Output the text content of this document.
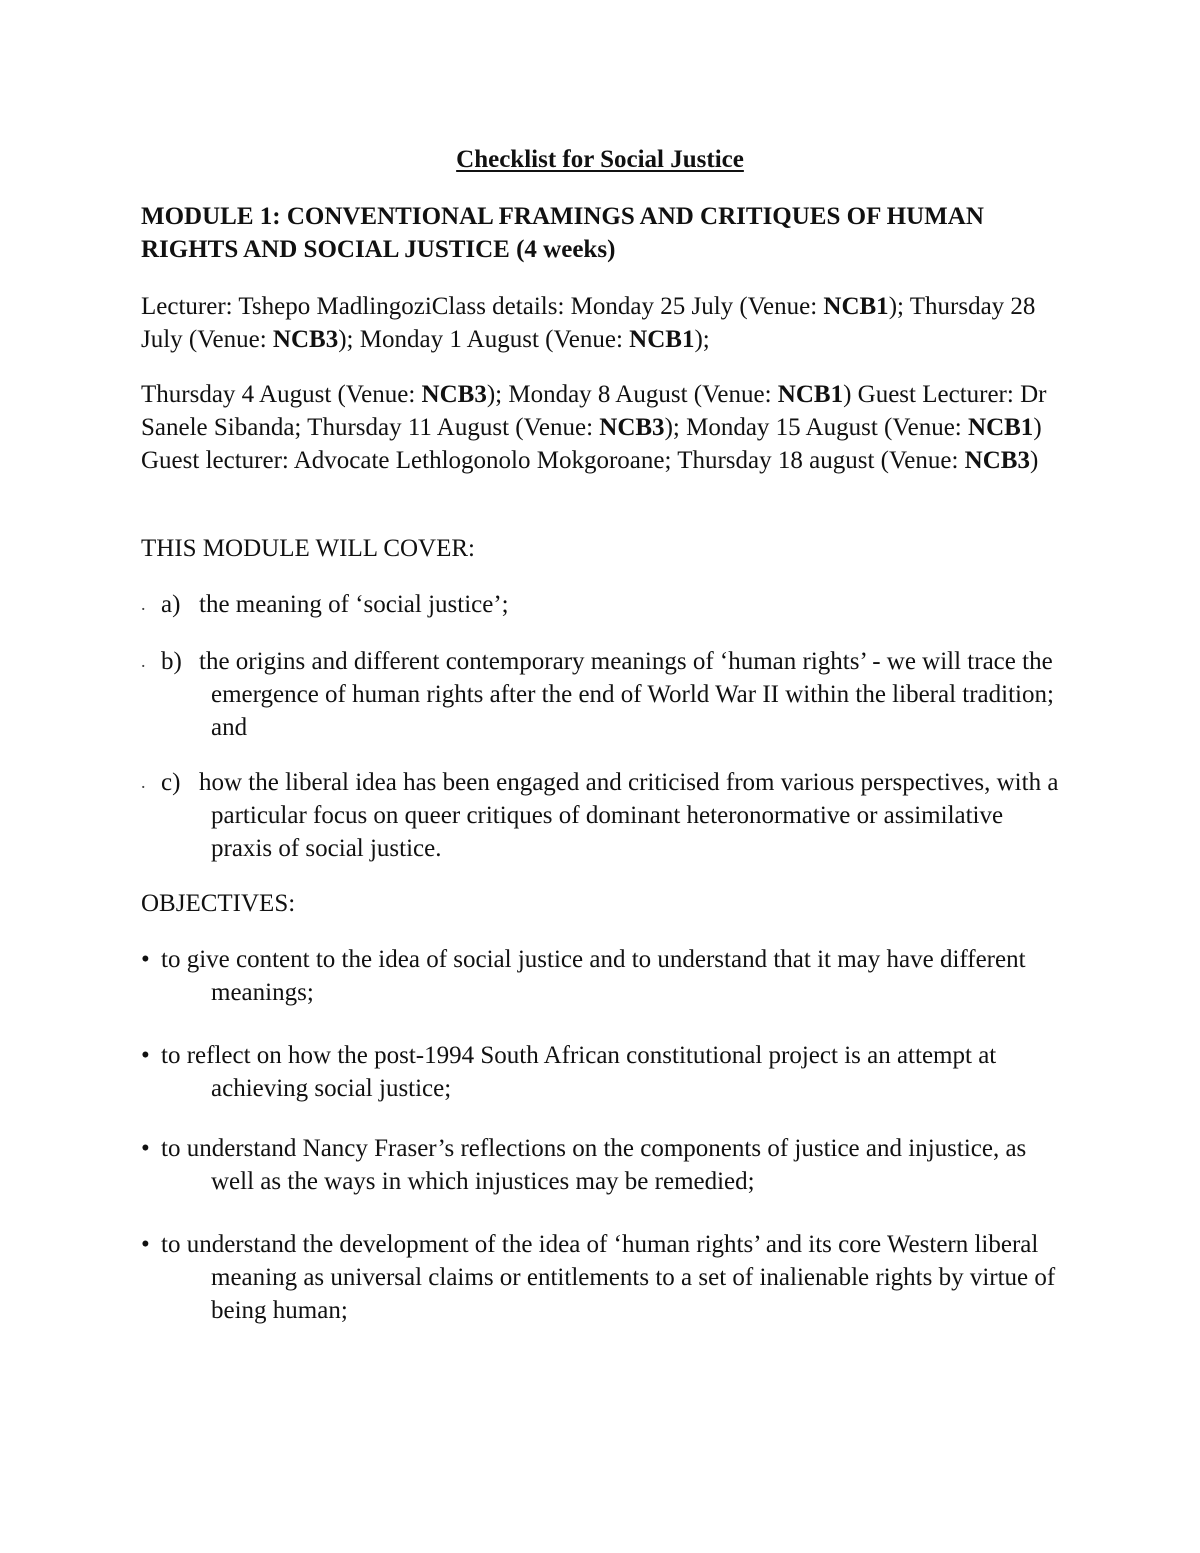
Checklist for Social Justice
MODULE 1: CONVENTIONAL FRAMINGS AND CRITIQUES OF HUMAN RIGHTS AND SOCIAL JUSTICE (4 weeks)
Lecturer: Tshepo MadlingoziClass details: Monday 25 July (Venue: NCB1); Thursday 28 July (Venue: NCB3); Monday 1 August (Venue: NCB1);
Thursday 4 August (Venue: NCB3); Monday 8 August (Venue: NCB1) Guest Lecturer: Dr Sanele Sibanda; Thursday 11 August (Venue: NCB3); Monday 15 August (Venue: NCB1) Guest lecturer: Advocate Lethlogonolo Mokgoroane; Thursday 18 august (Venue: NCB3)
THIS MODULE WILL COVER:
. a) the meaning of ‘social justice’;
. b) the origins and different contemporary meanings of ‘human rights’ - we will trace the emergence of human rights after the end of World War II within the liberal tradition; and
. c) how the liberal idea has been engaged and criticised from various perspectives, with a particular focus on queer critiques of dominant heteronormative or assimilative praxis of social justice.
OBJECTIVES:
• to give content to the idea of social justice and to understand that it may have different meanings;
• to reflect on how the post-1994 South African constitutional project is an attempt at achieving social justice;
• to understand Nancy Fraser’s reflections on the components of justice and injustice, as well as the ways in which injustices may be remedied;
• to understand the development of the idea of ‘human rights’ and its core Western liberal meaning as universal claims or entitlements to a set of inalienable rights by virtue of being human;
